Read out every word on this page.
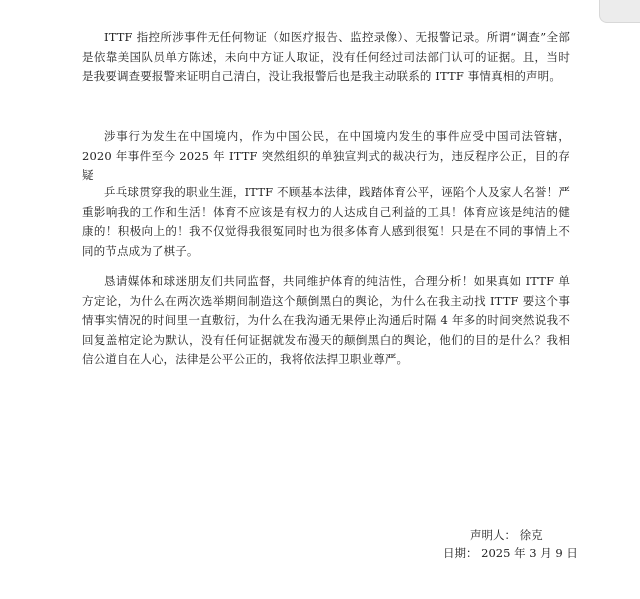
ITTF 指控所涉事件无任何物证（如医疗报告、监控录像）、无报警记录。所谓“调查”全部是依靠美国队员单方陈述，未向中方证人取证，没有任何经过司法部门认可的证据。且，当时是我要调查要报警来证明自己清白，没让我报警后也是我主动联系的 ITTF 事情真相的声明。

涉事行为发生在中国境内，作为中国公民，在中国境内发生的事件应受中国司法管辖，2020 年事件至今 2025 年 ITTF 突然组织的单独宣判式的裁决行为，违反程序公正，目的存疑

乒乓球贯穿我的职业生涯，ITTF 不顾基本法律，践踏体育公平，诬陷个人及家人名誉！严重影响我的工作和生活！体育不应该是有权力的人达成自己利益的工具！体育应该是纯洁的健康的！积极向上的！我不仅觉得我很冤同时也为很多体育人感到很冤！只是在不同的事情上不同的节点成为了棋子。

恳请媒体和球迷朋友们共同监督，共同维护体育的纯洁性，合理分析！如果真如 ITTF 单方定论，为什么在两次选举期间制造这个颠倒黑白的舆论，为什么在我主动找 ITTF 要这个事情事实情况的时间里一直敷衍，为什么在我沟通无果停止沟通后时隔 4 年多的时间突然说我不回复盖棺定论为默认，没有任何证据就发布漫天的颠倒黑白的舆论，他们的目的是什么？我相信公道自在人心，法律是公平公正的，我将依法捍卫职业尊严。

声明人： 徐克
日期： 2025 年 3 月 9 日
